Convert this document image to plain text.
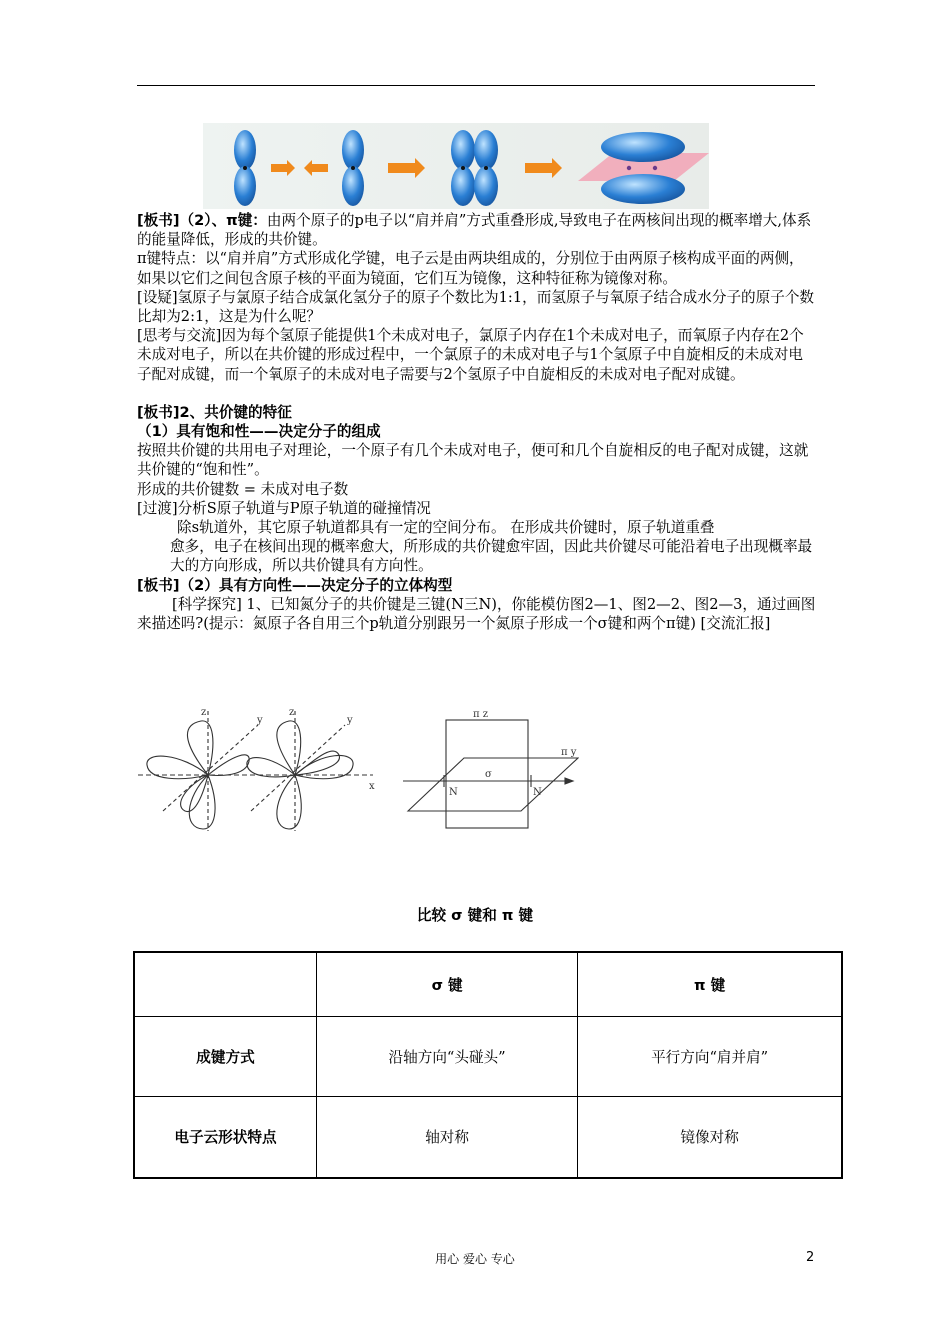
[板书]（2）、π键：由两个原子的p电子以“肩并肩”方式重叠形成,导致电子在两核间出现的概率增大,体系的能量降低，形成的共价键。

π键特点：以“肩并肩”方式形成化学键，电子云是由两块组成的，分别位于由两原子核构成平面的两侧，如果以它们之间包含原子核的平面为镜面，它们互为镜像，这种特征称为镜像对称。

[设疑]氢原子与氯原子结合成氯化氢分子的原子个数比为1:1，而氢原子与氧原子结合成水分子的原子个数比却为2:1，这是为什么呢？

[思考与交流]因为每个氢原子能提供1个未成对电子，氯原子内存在1个未成对电子，而氧原子内存在2个未成对电子，所以在共价键的形成过程中，一个氯原子的未成对电子与1个氢原子中自旋相反的未成对电子配对成键，而一个氧原子的未成对电子需要与2个氢原子中自旋相反的未成对电子配对成键。

[板书]2、共价键的特征

（1）具有饱和性——决定分子的组成

按照共价键的共用电子对理论，一个原子有几个未成对电子，便可和几个自旋相反的电子配对成键，这就共价键的“饱和性”。

形成的共价键数 = 未成对电子数

[过渡]分析S原子轨道与P原子轨道的碰撞情况

除s轨道外，其它原子轨道都具有一定的空间分布。 在形成共价键时，原子轨道重叠

愈多，电子在核间出现的概率愈大，所形成的共价键愈牢固，因此共价键尽可能沿着电子出现概率最大的方向形成，所以共价键具有方向性。

[板书]（2）具有方向性——决定分子的立体构型

[科学探究] 1、已知氮分子的共价键是三键(N三N)，你能模仿图2—1、图2—2、图2—3，通过画图来描述吗?(提示：氮原子各自用三个p轨道分别跟另一个氮原子形成一个σ键和两个π键) [交流汇报]

z
y
z
y
x
π z
π y
σ
N	N
比较 σ 键和 π 键
	σ 键	π 键
成键方式	沿轴方向“头碰头”	平行方向“肩并肩”
电子云形状特点	轴对称	镜像对称
用心 爱心 专心	2
